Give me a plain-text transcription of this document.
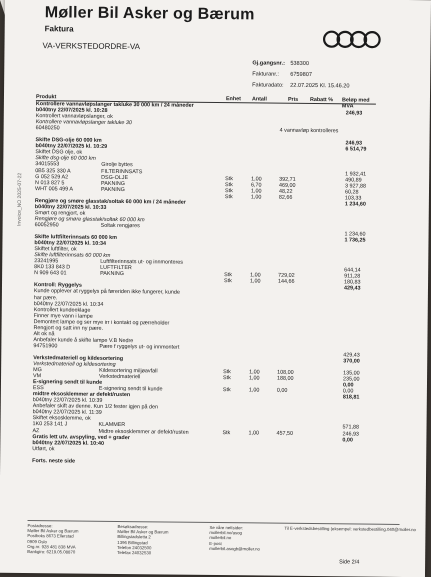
Møller Bil Asker og Bærum
Faktura
VA-VERKSTEDORDRE-VA
Gj.gangsnr.: 538300
Fakturanr.: 6759807
Fakturadato: 22.07.2025 Kl. 15.46.20
Invoice_NO 2025-07-22
Produkt	Enhet Antall	Pris Rabatt % Beløp med MVA
Kontrollere vannavløpslanger takluke 30 000 km / 24 måneder
b040tny 22/07/2025 kl. 10:28	246,93
Kontrollert vannavløpslanger, ok
Kontrollere vannavløpslanger takluke 30
60480250	4 vannavløp kontrolleres
Skifte DSG-olje 60 000 km	246,93
b040tny 22/07/2025 kl. 10:29	6 514,79
Skiftet DSG olje, ok
Skifte dsg-olje 60 000 km
34015553	Girolje byttes
0B5 325 330 A	FILTERINNSATS	1 932,41
G 052 529 A2	DSG-OLJE	Stk	1,00	392,71	490,89
N 013 827 5	PAKNING	Stk	6,70	469,00	3 927,88
WHT 005 499 A	PAKNING	Stk	1,00	48,22	60,28
Stk	1,00	82,66	103,33
Rengjøre og smøre glasstak/soltak 60 000 km / 24 måneder	1 234,60
b040tny 22/07/2025 kl. 10:33
Smørt og rengjort, ok
Rengjøre og smøre glasstak/soltak 60 000 km
60052950	Soltak rengjøres
1 234,60
Skifte luftfilterinnsats 60 000 km	1 736,25
b040tny 22/07/2025 kl. 10:34
Skiftet luftfilter, ok
Skifte luftfilterinnsats 60 000 km
23241995	Luftfilterinnsats ut- og innmonteres
8K0 133 843 D	LUFTFILTER	644,14
N 909 643 01	PAKNING	Stk	1,00	729,02	911,28
Stk	1,00	144,66	180,83
Kontroll: Ryggelys	429,43
Kunde opplever at ryggelys på føreriden ikke fungerer, kunde
har pære.
b040tny 22/07/2025 kl. 10:34
Kontrollert kundeeklage
Finner mye vann i lampe
Demontert lampe og ser mye irr i kontakt og pærreholder
Rengjort og satt inn ny pære.
Alt ok nå
Anbefaler kunde å skifte lampe V.B Nedre
94751900	Pære f ryggelys ut- og innmontert
429,43
Verkstedmateriell og kildesortering	370,00
Verkstedmateriell og kildesortering
MG	Kildesortering miljøavfall	Stk	1,00	108,00	135,00
VM	Verkstedmateriell	Stk	1,00	188,00	235,00
E-signering sendt til kunde	0,00
ESS	E-signering sendt til kunde	Stk	1,00	0,00	0,00
midtre eksosklemmer ar defekt/rusten	818,81
b040tny 22/07/2025 kl. 10:39
Anbefaler skift av denne. Kun 1/2 fester igjen på den
b040tny 22/07/2025 kl. 11:39
Skiftet eksosklemme, ok
1K0 253 141 J	KLAMMER	571,88
AZ	Midtre eksosklemmer ar defekt/rusten	Stk	1,00	457,50	246,93
Gratis lett utv. avspyling, ved + grader	0,00
b040tny 22/07/2025 kl. 10:40
Utført, ok
Forts. neste side
Postadresse:
Møller Bil Asker og Bærum
Postboks 8673 Ellerstad
0909 Oslo
Org.nr. 928 481 838 MVA
Bankgiro: 6219.05.08870
Besøksadresse:
Møller Bil Asker og Bærum
Billingstadsletta 2
1396 Billingstad
Telefon 24032500
Telefax 24032530
Se våre nettsider:
mollerbil.no/asog
mollerbil.no
E-post
mollerbil.asogb@moller.no
Til E-verkstedsbestilling (eksempel: verkstedbestilling.040@moller.no
Side 2/4
